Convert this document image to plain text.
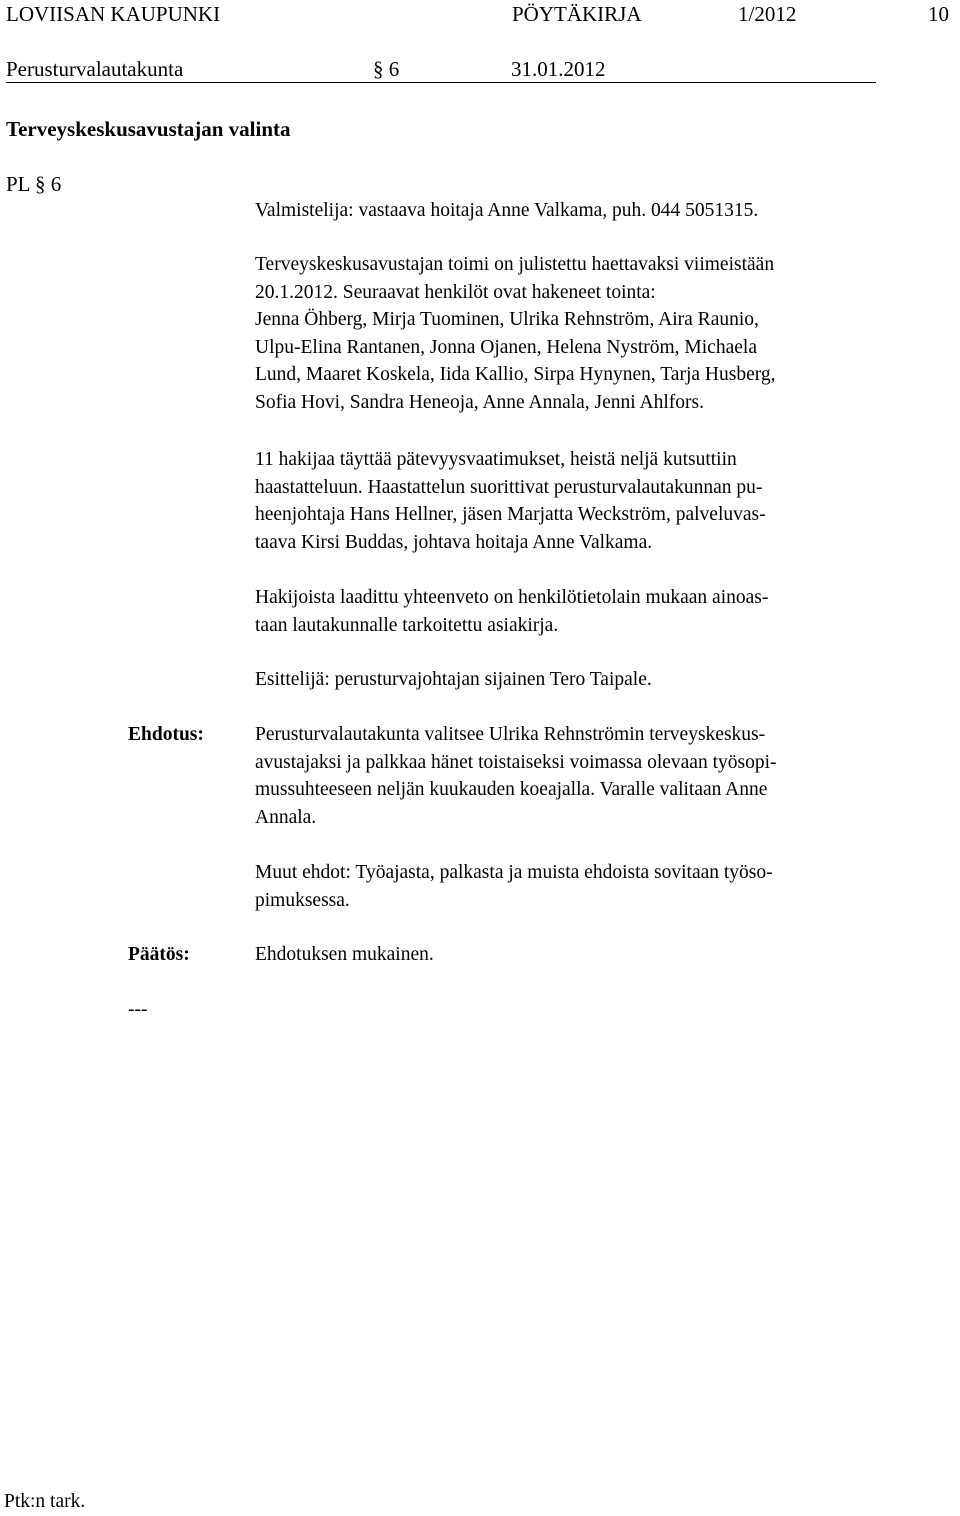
LOVIISAN KAUPUNKI	PÖYTÄKIRJA	1/2012	10
Perusturvalautakunta	§ 6	31.01.2012
Terveyskeskusavustajan valinta
PL § 6
Valmistelija: vastaava hoitaja Anne Valkama, puh. 044 5051315.
Terveyskeskusavustajan toimi on julistettu haettavaksi viimeistään
20.1.2012. Seuraavat henkilöt ovat hakeneet tointa:
Jenna Öhberg, Mirja Tuominen, Ulrika Rehnström, Aira Raunio,
Ulpu-Elina Rantanen, Jonna Ojanen, Helena Nyström, Michaela
Lund, Maaret Koskela, Iida Kallio, Sirpa Hynynen, Tarja Husberg,
Sofia Hovi, Sandra Heneoja, Anne Annala, Jenni Ahlfors.
11 hakijaa täyttää pätevyysvaatimukset, heistä neljä kutsuttiin
haastatteluun. Haastattelun suorittivat perusturvalautakunnan pu-
heenjohtaja Hans Hellner, jäsen Marjatta Weckström, palveluvas-
taava Kirsi Buddas, johtava hoitaja Anne Valkama.
Hakijoista laadittu yhteenveto on henkilötietolain mukaan ainoas-
taan lautakunnalle tarkoitettu asiakirja.
Esittelijä: perusturvajohtajan sijainen Tero Taipale.
Ehdotus:	Perusturvalautakunta valitsee Ulrika Rehnströmin terveyskeskus-
avustajaksi ja palkkaa hänet toistaiseksi voimassa olevaan työsopi-
mussuhteeseen neljän kuukauden koeajalla. Varalle valitaan Anne
Annala.
Muut ehdot: Työajasta, palkasta ja muista ehdoista sovitaan työso-
pimuksessa.
Päätös:	Ehdotuksen mukainen.
---
Ptk:n tark.
